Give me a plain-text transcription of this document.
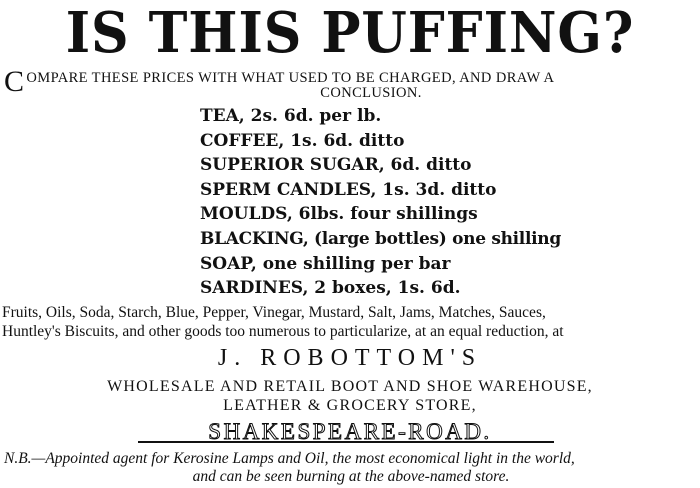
IS THIS PUFFING?
C OMPARE THESE PRICES WITH WHAT USED TO BE CHARGED, AND DRAW A
CONCLUSION.
TEA, 2s. 6d. per lb.
COFFEE, 1s. 6d. ditto
SUPERIOR SUGAR, 6d. ditto
SPERM CANDLES, 1s. 3d. ditto
MOULDS, 6lbs. four shillings
BLACKING, (large bottles) one shilling
SOAP, one shilling per bar
SARDINES, 2 boxes, 1s. 6d.
Fruits, Oils, Soda, Starch, Blue, Pepper, Vinegar, Mustard, Salt, Jams, Matches, Sauces,
Huntley's Biscuits, and other goods too numerous to particularize, at an equal reduction, at
J. ROBOTTOM'S
WHOLESALE AND RETAIL BOOT AND SHOE WAREHOUSE,
LEATHER & GROCERY STORE,
SHAKESPEARE-ROAD.
N.B.—Appointed agent for Kerosine Lamps and Oil, the most economical light in the world,
and can be seen burning at the above-named store.
